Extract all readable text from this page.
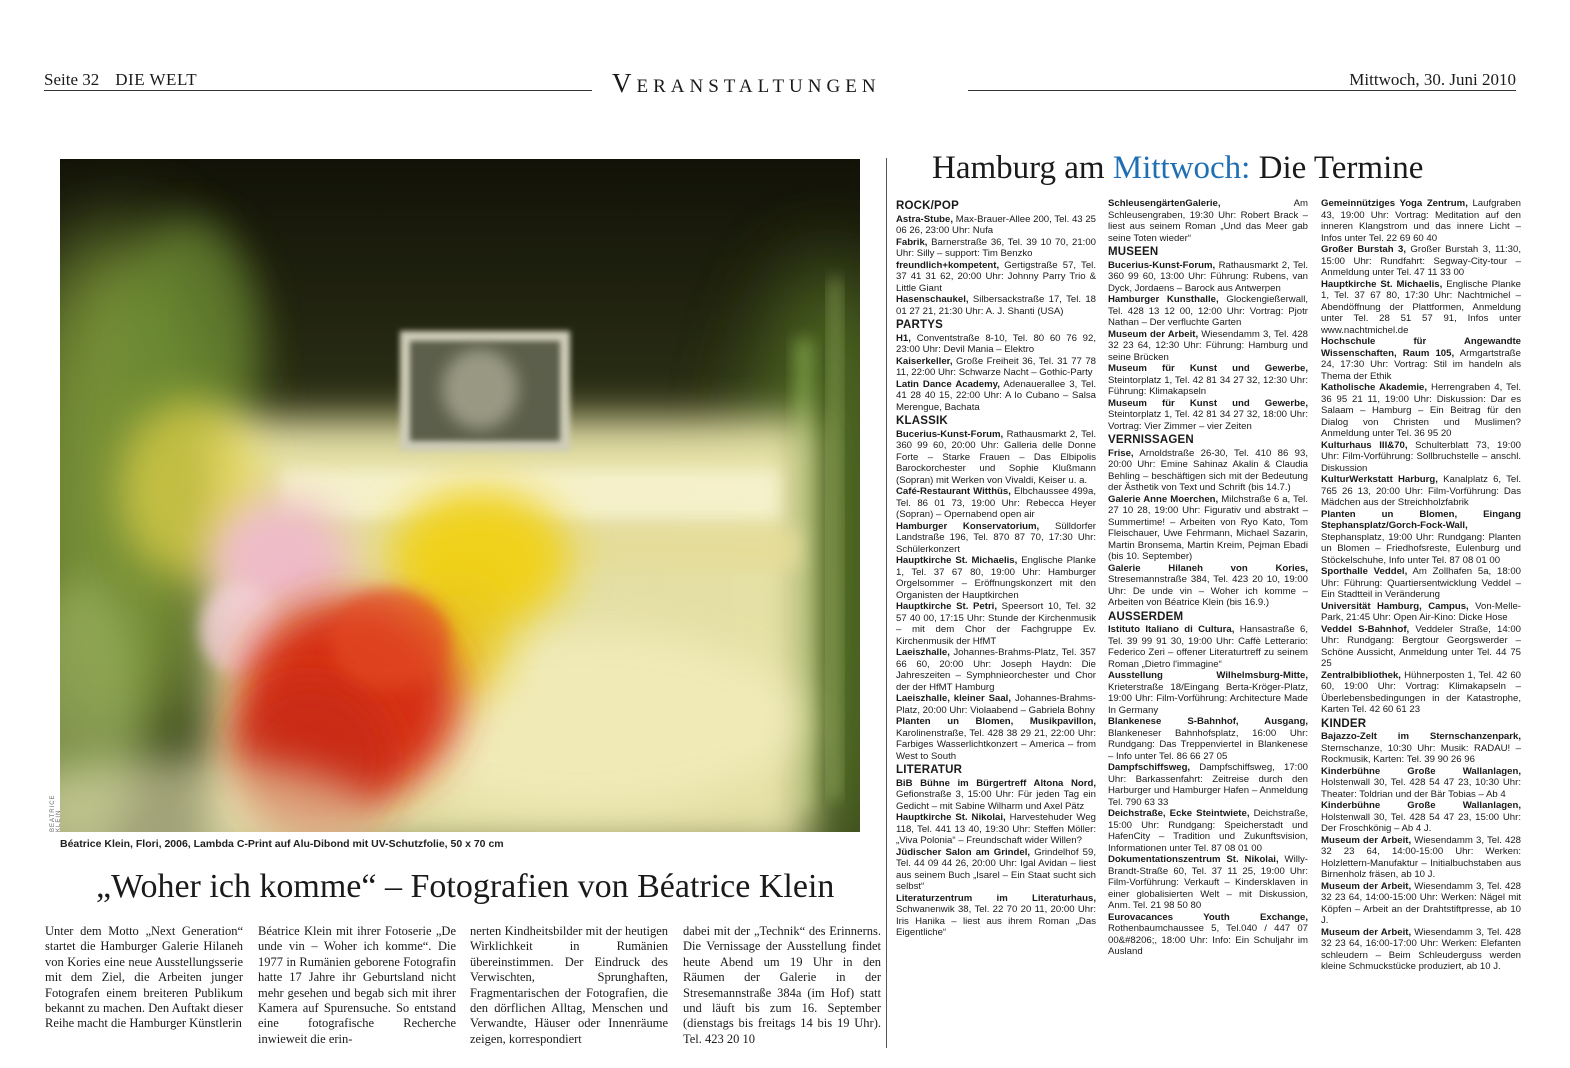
Seite 32 DIE WELT	Veranstaltungen	Mittwoch, 30. Juni 2010
BÉATRICE KLEIN
Béatrice Klein, Flori, 2006, Lambda C-Print auf Alu-Dibond mit UV-Schutzfolie, 50 x 70 cm
„Woher ich komme“ – Fotografien von Béatrice Klein
Unter dem Motto „Next Generation“ startet die Hamburger Galerie Hilaneh von Kories eine neue Ausstellungsserie mit dem Ziel, die Arbeiten junger Fotografen einem breiteren Publikum bekannt zu machen. Den Auftakt dieser Reihe macht die Hamburger Künstlerin
Béatrice Klein mit ihrer Fotoserie „De unde vin – Woher ich komme“. Die 1977 in Rumänien geborene Fotografin hatte 17 Jahre ihr Geburtsland nicht mehr gesehen und begab sich mit ihrer Kamera auf Spurensuche. So entstand eine fotografische Recherche inwieweit die erin-
nerten Kindheitsbilder mit der heutigen Wirklichkeit in Rumänien übereinstimmen. Der Eindruck des Verwischten, Sprunghaften, Fragmentarischen der Fotografien, die den dörflichen Alltag, Menschen und Verwandte, Häuser oder Innenräume zeigen, korrespondiert
dabei mit der „Technik“ des Erinnerns. Die Vernissage der Ausstellung findet heute Abend um 19 Uhr in den Räumen der Galerie in der Stresemannstraße 384a (im Hof) statt und läuft bis zum 16. September (dienstags bis freitags 14 bis 19 Uhr). Tel. 423 20 10
Hamburg am Mittwoch: Die Termine
ROCK/POP

Astra-Stube, Max-Brauer-Allee 200, Tel. 43 25 06 26, 23:00 Uhr: Nufa

Fabrik, Barnerstraße 36, Tel. 39 10 70, 21:00 Uhr: Silly – support: Tim Benzko

freundlich+kompetent, Gertigstraße 57, Tel. 37 41 31 62, 20:00 Uhr: Johnny Parry Trio & Little Giant

Hasenschaukel, Silbersackstraße 17, Tel. 18 01 27 21, 21:30 Uhr: A. J. Shanti (USA)

PARTYS

H1, Conventstraße 8-10, Tel. 80 60 76 92, 23:00 Uhr: Devil Mania – Elektro

Kaiserkeller, Große Freiheit 36, Tel. 31 77 78 11, 22:00 Uhr: Schwarze Nacht – Gothic-Party

Latin Dance Academy, Adenauerallee 3, Tel. 41 28 40 15, 22:00 Uhr: A lo Cubano – Salsa Merengue, Bachata

KLASSIK

Bucerius-Kunst-Forum, Rathausmarkt 2, Tel. 360 99 60, 20:00 Uhr: Galleria delle Donne Forte – Starke Frauen – Das Elbipolis Barockorchester und Sophie Klußmann (Sopran) mit Werken von Vivaldi, Keiser u. a.

Café-Restaurant Witthüs, Elbchaussee 499a, Tel. 86 01 73, 19:00 Uhr: Rebecca Heyer (Sopran) – Opernabend open air

Hamburger Konservatorium, Sülldorfer Landstraße 196, Tel. 870 87 70, 17:30 Uhr: Schülerkonzert

Hauptkirche St. Michaelis, Englische Planke 1, Tel. 37 67 80, 19:00 Uhr: Hamburger Orgelsommer – Eröffnungskonzert mit den Organisten der Hauptkirchen

Hauptkirche St. Petri, Speersort 10, Tel. 32 57 40 00, 17:15 Uhr: Stunde der Kirchenmusik – mit dem Chor der Fachgruppe Ev. Kirchenmusik der HfMT

Laeiszhalle, Johannes-Brahms-Platz, Tel. 357 66 60, 20:00 Uhr: Joseph Haydn: Die Jahreszeiten – Symphnieorchester und Chor der der HfMT Hamburg

Laeiszhalle, kleiner Saal, Johannes-Brahms-Platz, 20:00 Uhr: Violaabend – Gabriela Bohny

Planten un Blomen, Musikpavillon, Karolinenstraße, Tel. 428 38 29 21, 22:00 Uhr: Farbiges Wasserlichtkonzert – America – from West to South

LITERATUR

BiB Bühne im Bürgertreff Altona Nord, Gefionstraße 3, 15:00 Uhr: Für jeden Tag ein Gedicht – mit Sabine Wilharm und Axel Pätz

Hauptkirche St. Nikolai, Harvestehuder Weg 118, Tel. 441 13 40, 19:30 Uhr: Steffen Möller: „Viva Polonia“ – Freundschaft wider Willen?

Jüdischer Salon am Grindel, Grindelhof 59, Tel. 44 09 44 26, 20:00 Uhr: Igal Avidan – liest aus seinem Buch „Isarel – Ein Staat sucht sich selbst“

Literaturzentrum im Literaturhaus, Schwanenwik 38, Tel. 22 70 20 11, 20:00 Uhr: Iris Hanika – liest aus ihrem Roman „Das Eigentliche“

SchleusengärtenGalerie,	Am Schleusengraben, 19:30 Uhr: Robert Brack – liest aus seinem Roman „Und das Meer gab seine Toten wieder“

MUSEEN

Bucerius-Kunst-Forum, Rathausmarkt 2, Tel. 360 99 60, 13:00 Uhr: Führung: Rubens, van Dyck, Jordaens – Barock aus Antwerpen

Hamburger Kunsthalle, Glockengießerwall, Tel. 428 13 12 00, 12:00 Uhr: Vortrag: Pjotr Nathan – Der verfluchte Garten

Museum der Arbeit, Wiesendamm 3, Tel. 428 32 23 64, 12:30 Uhr: Führung: Hamburg und seine Brücken

Museum für Kunst und Gewerbe, Steintorplatz 1, Tel. 42 81 34 27 32, 12:30 Uhr: Führung: Klimakapseln

Museum für Kunst und Gewerbe, Steintorplatz 1, Tel. 42 81 34 27 32, 18:00 Uhr: Vortrag: Vier Zimmer – vier Zeiten

VERNISSAGEN

Frise, Arnoldstraße 26-30, Tel. 410 86 93, 20:00 Uhr: Emine Sahinaz Akalin & Claudia Behling – beschäftigen sich mit der Bedeutung der Ästhetik von Text und Schrift (bis 14.7.)

Galerie Anne Moerchen, Milchstraße 6 a, Tel. 27 10 28, 19:00 Uhr: Figurativ und abstrakt – Summertime! – Arbeiten von Ryo Kato, Tom Fleischauer, Uwe Fehrmann, Michael Sazarin, Martin Bronsema, Martin Kreim, Pejman Ebadi (bis 10. September)

Galerie Hilaneh von Kories, Stresemannstraße 384, Tel. 423 20 10, 19:00 Uhr: De unde vin – Woher ich komme – Arbeiten von Béatrice Klein (bis 16.9.)

AUSSERDEM

Istituto Italiano di Cultura, Hansastraße 6, Tel. 39 99 91 30, 19:00 Uhr: Caffè Letterario: Federico Zeri – offener Literaturtreff zu seinem Roman „Dietro l'immagine“

Ausstellung Wilhelmsburg-Mitte, Krieterstraße 18/Eingang Berta-Kröger-Platz, 19:00 Uhr: Film-Vorführung: Architecture Made In Germany

Blankenese S-Bahnhof, Ausgang, Blankeneser Bahnhofsplatz, 16:00 Uhr: Rundgang: Das Treppenviertel in Blankenese – Info unter Tel. 86 66 27 05

Dampfschiffsweg, Dampfschiffsweg, 17:00 Uhr: Barkassenfahrt: Zeitreise durch den Harburger und Hamburger Hafen – Anmeldung Tel. 790 63 33

Deichstraße, Ecke Steintwiete, Deichstraße, 15:00 Uhr: Rundgang: Speicherstadt und HafenCity – Tradition und Zukunftsvision, Informationen unter Tel. 87 08 01 00

Dokumentationszentrum St. Nikolai, Willy-Brandt-Straße 60, Tel. 37 11 25, 19:00 Uhr: Film-Vorführung: Verkauft – Kindersklaven in einer globalisierten Welt – mit Diskussion, Anm. Tel. 21 98 50 80

Eurovacances Youth Exchange, Rothenbaumchaussee 5, Tel.040 / 447 07 00&#8206;, 18:00 Uhr: Info: Ein Schuljahr im Ausland

Gemeinnütziges Yoga Zentrum, Laufgraben 43, 19:00 Uhr: Vortrag: Meditation auf den inneren Klangstrom und das innere Licht – Infos unter Tel. 22 69 60 40

Großer Burstah 3, Großer Burstah 3, 11:30, 15:00 Uhr: Rundfahrt: Segway-City-tour – Anmeldung unter Tel. 47 11 33 00

Hauptkirche St. Michaelis, Englische Planke 1, Tel. 37 67 80, 17:30 Uhr: Nachtmichel – Abendöffnung der Plattformen, Anmeldung unter Tel. 28 51 57 91, Infos unter www.nachtmichel.de

Hochschule für Angewandte Wissenschaften, Raum 105, Armgartstraße 24, 17:30 Uhr: Vortrag: Stil im handeln als Thema der Ethik

Katholische Akademie, Herrengraben 4, Tel. 36 95 21 11, 19:00 Uhr: Diskussion: Dar es Salaam – Hamburg – Ein Beitrag für den Dialog von Christen und Muslimen? Anmeldung unter Tel. 36 95 20

Kulturhaus III&70, Schulterblatt 73, 19:00 Uhr: Film-Vorführung: Sollbruchstelle – anschl. Diskussion

KulturWerkstatt Harburg, Kanalplatz 6, Tel. 765 26 13, 20:00 Uhr: Film-Vorführung: Das Mädchen aus der Streichholzfabrik

Planten un Blomen, Eingang Stephansplatz/Gorch-Fock-Wall, Stephansplatz, 19:00 Uhr: Rundgang: Planten un Blomen – Friedhofsreste, Eulenburg und Stöckelschuhe, Info unter Tel. 87 08 01 00

Sporthalle Veddel, Am Zollhafen 5a, 18:00 Uhr: Führung: Quartiersentwicklung Veddel – Ein Stadtteil in Veränderung

Universität Hamburg, Campus, Von-Melle-Park, 21:45 Uhr: Open Air-Kino: Dicke Hose

Veddel S-Bahnhof, Veddeler Straße, 14:00 Uhr: Rundgang: Bergtour Georgswerder – Schöne Aussicht, Anmeldung unter Tel. 44 75 25

Zentralbibliothek, Hühnerposten 1, Tel. 42 60 60, 19:00 Uhr: Vortrag: Klimakapseln – Überlebensbedingungen in der Katastrophe, Karten Tel. 42 60 61 23

KINDER

Bajazzo-Zelt im Sternschanzenpark, Sternschanze, 10:30 Uhr: Musik: RADAU! – Rockmusik, Karten: Tel. 39 90 26 96

Kinderbühne Große Wallanlagen, Holstenwall 30, Tel. 428 54 47 23, 10:30 Uhr: Theater: Toldrian und der Bär Tobias – Ab 4

Kinderbühne Große Wallanlagen, Holstenwall 30, Tel. 428 54 47 23, 15:00 Uhr: Der Froschkönig – Ab 4 J.

Museum der Arbeit, Wiesendamm 3, Tel. 428 32 23 64, 14:00-15:00 Uhr: Werken: Holzlettern-Manufaktur – Initialbuchstaben aus Birnenholz fräsen, ab 10 J.

Museum der Arbeit, Wiesendamm 3, Tel. 428 32 23 64, 14:00-15:00 Uhr: Werken: Nägel mit Köpfen – Arbeit an der Drahtstiftpresse, ab 10 J.

Museum der Arbeit, Wiesendamm 3, Tel. 428 32 23 64, 16:00-17:00 Uhr: Werken: Elefanten schleudern – Beim Schleuderguss werden kleine Schmuckstücke produziert, ab 10 J.
